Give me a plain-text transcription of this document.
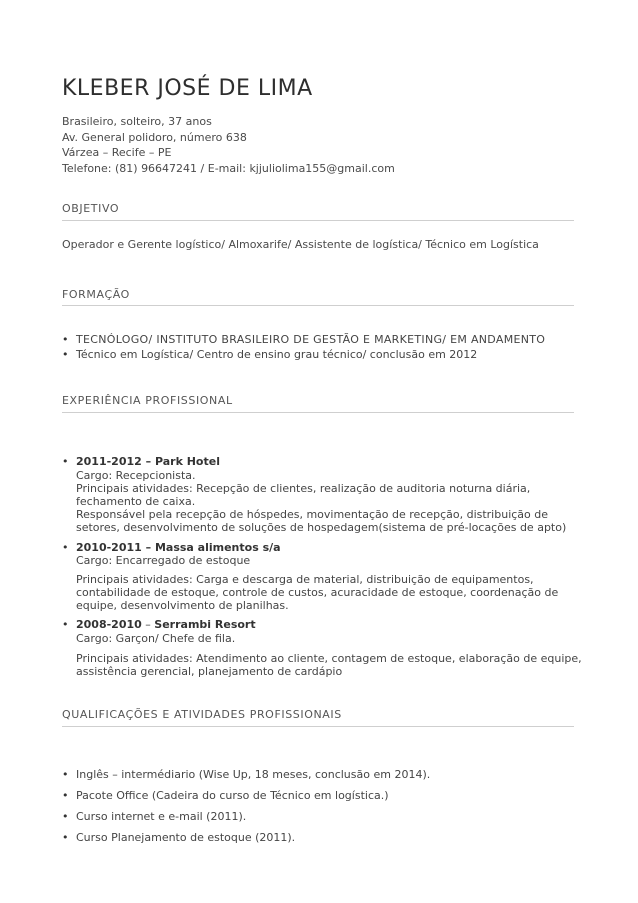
KLEBER JOSÉ DE LIMA
Brasileiro, solteiro, 37 anos
Av. General polidoro, número 638
Várzea – Recife – PE
Telefone: (81) 96647241 / E-mail: kjjuliolima155@gmail.com
OBJETIVO
Operador e Gerente logístico/ Almoxarife/ Assistente de logística/ Técnico em Logística
FORMAÇÃO
• TECNÓLOGO/ INSTITUTO BRASILEIRO DE GESTÃO E MARKETING/ EM ANDAMENTO
• Técnico em Logística/ Centro de ensino grau técnico/ conclusão em 2012
EXPERIÊNCIA PROFISSIONAL
• 2011-2012 – Park Hotel
Cargo: Recepcionista.
Principais atividades: Recepção de clientes, realização de auditoria noturna diária,
fechamento de caixa.
Responsável pela recepção de hóspedes, movimentação de recepção, distribuição de
setores, desenvolvimento de soluções de hospedagem(sistema de pré-locações de apto)
• 2010-2011 – Massa alimentos s/a
Cargo: Encarregado de estoque
Principais atividades: Carga e descarga de material, distribuição de equipamentos,
contabilidade de estoque, controle de custos, acuracidade de estoque, coordenação de
equipe, desenvolvimento de planilhas.
• 2008-2010 – Serrambi Resort
Cargo: Garçon/ Chefe de fila.
Principais atividades: Atendimento ao cliente, contagem de estoque, elaboração de equipe,
assistência gerencial, planejamento de cardápio
QUALIFICAÇÕES E ATIVIDADES PROFISSIONAIS
• Inglês – intermédiario (Wise Up, 18 meses, conclusão em 2014).
• Pacote Office (Cadeira do curso de Técnico em logística.)
• Curso internet e e-mail (2011).
• Curso Planejamento de estoque (2011).
